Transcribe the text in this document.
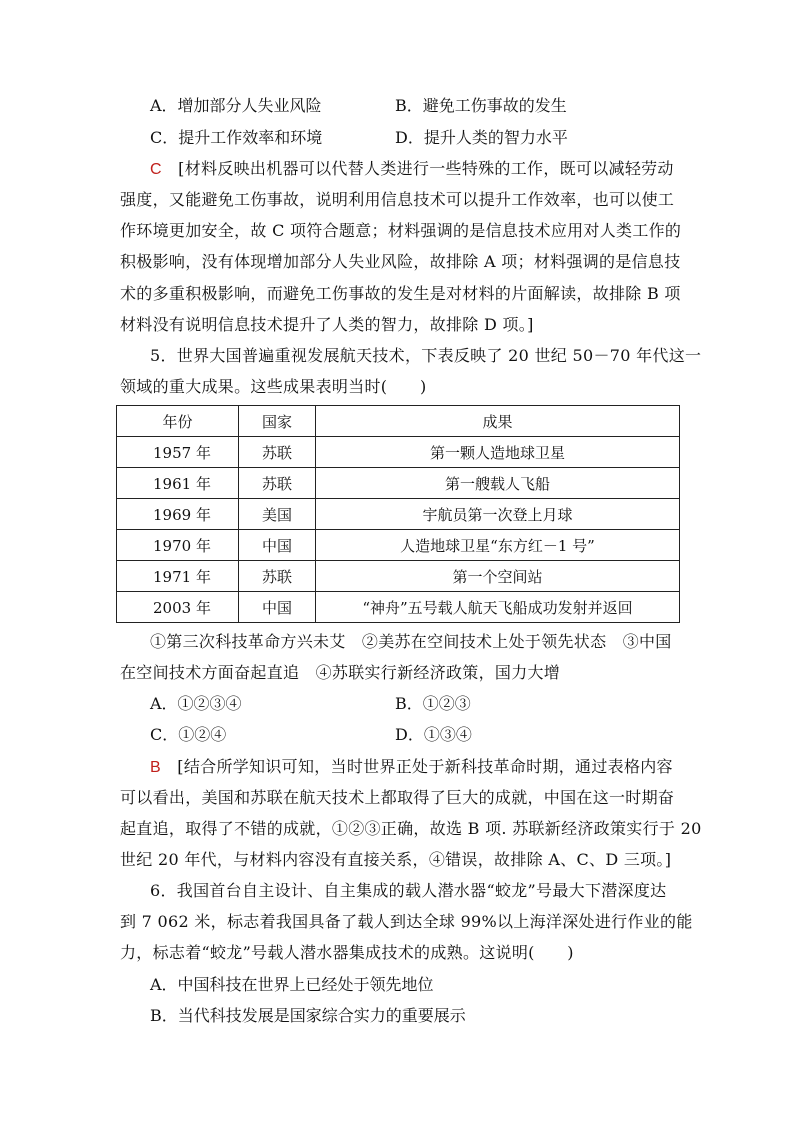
A．增加部分人失业风险	B．避免工伤事故的发生
C．提升工作效率和环境	D．提升人类的智力水平
C　 [材料反映出机器可以代替人类进行一些特殊的工作，既可以减轻劳动
强度，又能避免工伤事故，说明利用信息技术可以提升工作效率，也可以使工
作环境更加安全，故 C 项符合题意；材料强调的是信息技术应用对人类工作的
积极影响，没有体现增加部分人失业风险，故排除 A 项；材料强调的是信息技
术的多重积极影响，而避免工伤事故的发生是对材料的片面解读，故排除 B 项
材料没有说明信息技术提升了人类的智力，故排除 D 项。]
5．世界大国普遍重视发展航天技术，下表反映了 20 世纪 50－70 年代这一
领域的重大成果。这些成果表明当时(　　)
年份	国家	成果
1957 年	苏联	第一颗人造地球卫星
1961 年	苏联	第一艘载人飞船
1969 年	美国	宇航员第一次登上月球
1970 年	中国	人造地球卫星“东方红－1 号”
1971 年	苏联	第一个空间站
2003 年	中国	“神舟”五号载人航天飞船成功发射并返回
①第三次科技革命方兴未艾　②美苏在空间技术上处于领先状态　③中国
在空间技术方面奋起直追　④苏联实行新经济政策，国力大增
A．①②③④	B．①②③
C．①②④	D．①③④
B　 [结合所学知识可知，当时世界正处于新科技革命时期，通过表格内容
可以看出，美国和苏联在航天技术上都取得了巨大的成就，中国在这一时期奋
起直追，取得了不错的成就，①②③正确，故选 B 项. 苏联新经济政策实行于 20
世纪 20 年代，与材料内容没有直接关系，④错误，故排除 A、C、D 三项。]
6．我国首台自主设计、自主集成的载人潜水器“蛟龙”号最大下潜深度达
到 7 062 米，标志着我国具备了载人到达全球 99%以上海洋深处进行作业的能
力，标志着“蛟龙”号载人潜水器集成技术的成熟。这说明(　　)
A．中国科技在世界上已经处于领先地位
B．当代科技发展是国家综合实力的重要展示
